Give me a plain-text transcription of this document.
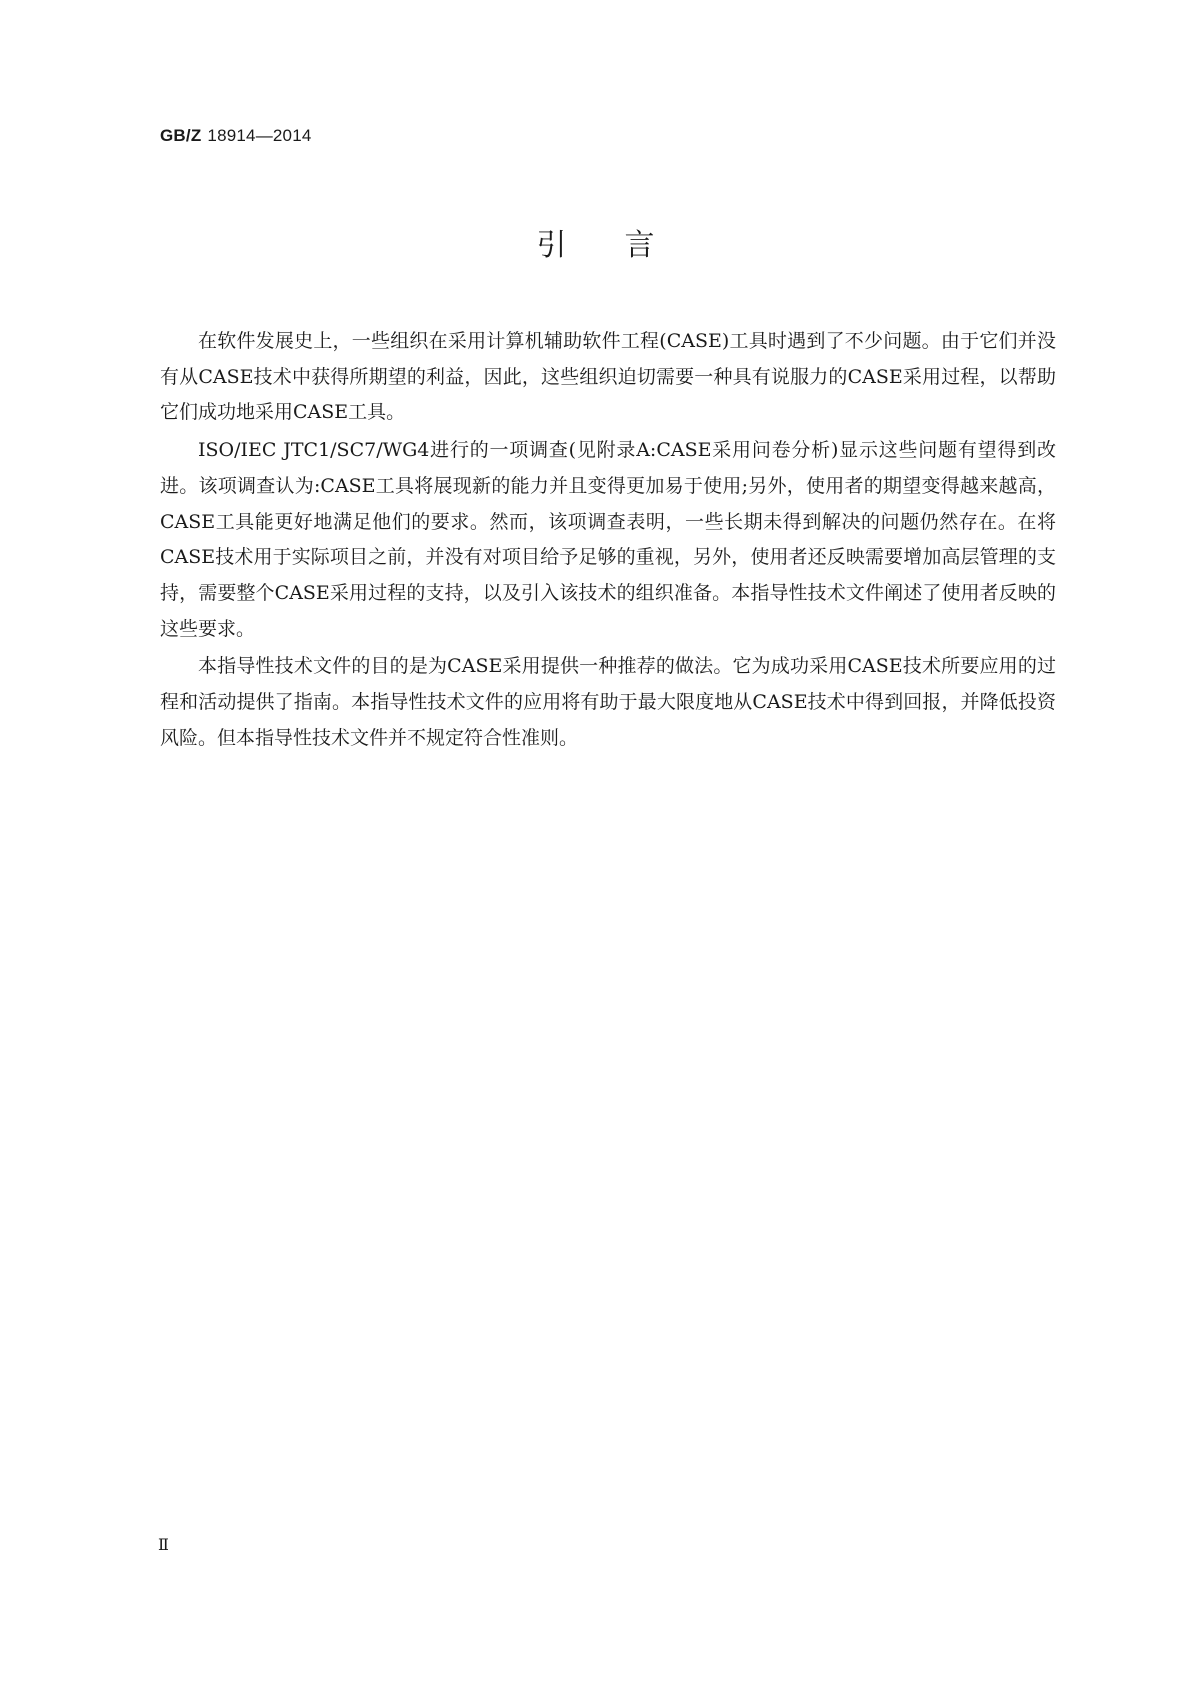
GB/Z 18914—2014
引言

在软件发展史上，一些组织在采用计算机辅助软件工程(CASE)工具时遇到了不少问题。由于它们并没有从CASE技术中获得所期望的利益，因此，这些组织迫切需要一种具有说服力的CASE采用过程，以帮助它们成功地采用CASE工具。

ISO/IEC JTC1/SC7/WG4进行的一项调查(见附录A:CASE采用问卷分析)显示这些问题有望得到改进。该项调查认为:CASE工具将展现新的能力并且变得更加易于使用;另外，使用者的期望变得越来越高，CASE工具能更好地满足他们的要求。然而，该项调查表明，一些长期未得到解决的问题仍然存在。在将CASE技术用于实际项目之前，并没有对项目给予足够的重视，另外，使用者还反映需要增加高层管理的支持，需要整个CASE采用过程的支持，以及引入该技术的组织准备。本指导性技术文件阐述了使用者反映的这些要求。

本指导性技术文件的目的是为CASE采用提供一种推荐的做法。它为成功采用CASE技术所要应用的过程和活动提供了指南。本指导性技术文件的应用将有助于最大限度地从CASE技术中得到回报，并降低投资风险。但本指导性技术文件并不规定符合性准则。

Ⅱ
